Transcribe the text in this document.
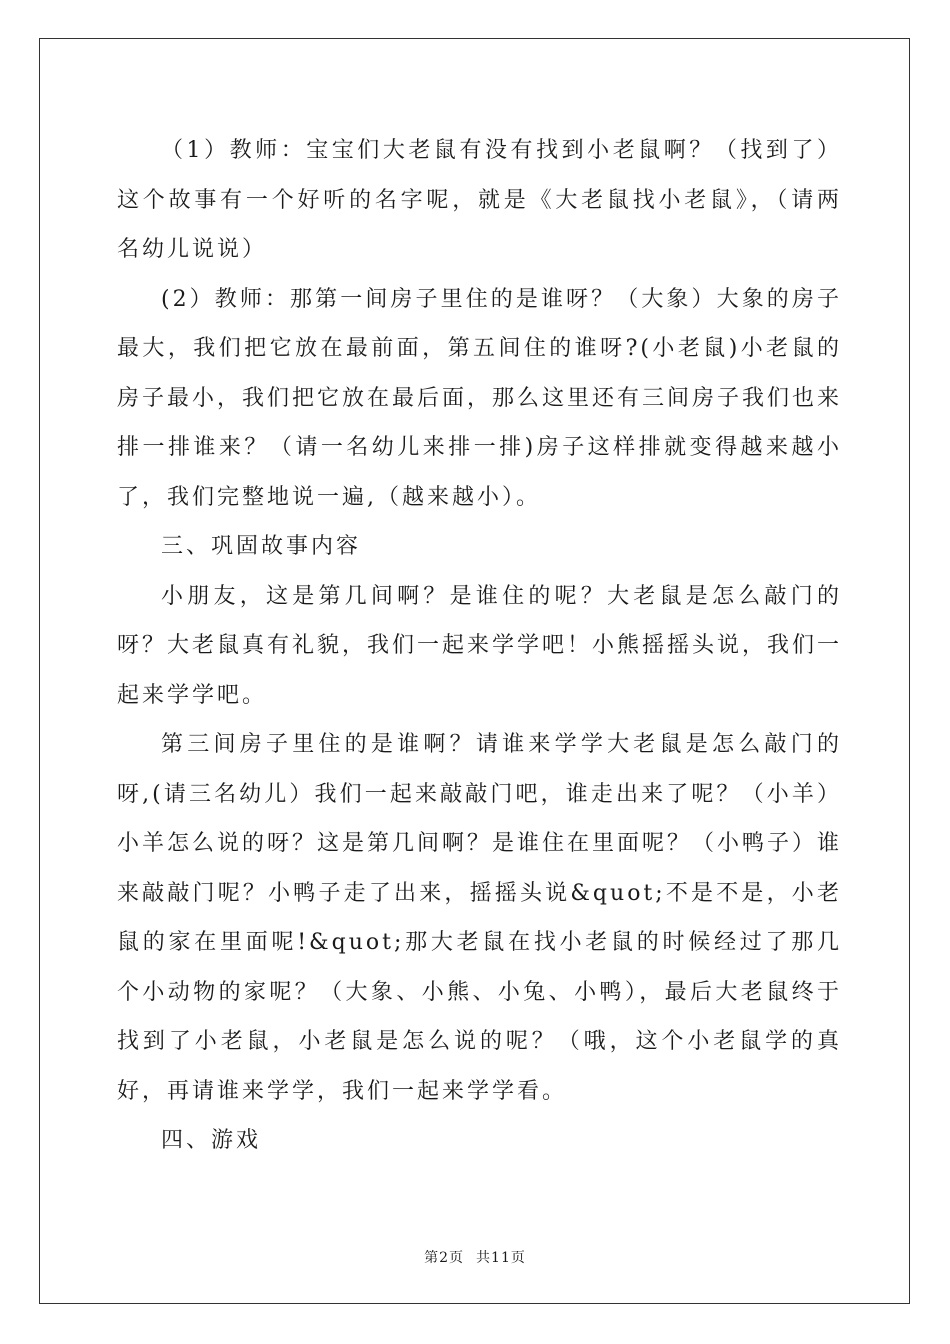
（1）教师：宝宝们大老鼠有没有找到小老鼠啊？（找到了）这个故事有一个好听的名字呢，就是《大老鼠找小老鼠》，（请两名幼儿说说）

(2）教师：那第一间房子里住的是谁呀？（大象）大象的房子最大，我们把它放在最前面，第五间住的谁呀?(小老鼠)小老鼠的房子最小，我们把它放在最后面，那么这里还有三间房子我们也来排一排谁来？（请一名幼儿来排一排)房子这样排就变得越来越小了，我们完整地说一遍,（越来越小）。

三、巩固故事内容

小朋友，这是第几间啊？是谁住的呢？大老鼠是怎么敲门的呀？大老鼠真有礼貌，我们一起来学学吧！小熊摇摇头说，我们一起来学学吧。

第三间房子里住的是谁啊？请谁来学学大老鼠是怎么敲门的呀,(请三名幼儿）我们一起来敲敲门吧，谁走出来了呢？（小羊）小羊怎么说的呀？这是第几间啊？是谁住在里面呢？（小鸭子）谁来敲敲门呢？小鸭子走了出来，摇摇头说&quot;不是不是，小老鼠的家在里面呢!&quot;那大老鼠在找小老鼠的时候经过了那几个小动物的家呢？（大象、小熊、小兔、小鸭），最后大老鼠终于找到了小老鼠，小老鼠是怎么说的呢？（哦，这个小老鼠学的真好，再请谁来学学，我们一起来学学看。

四、游戏

第2页 共11页
